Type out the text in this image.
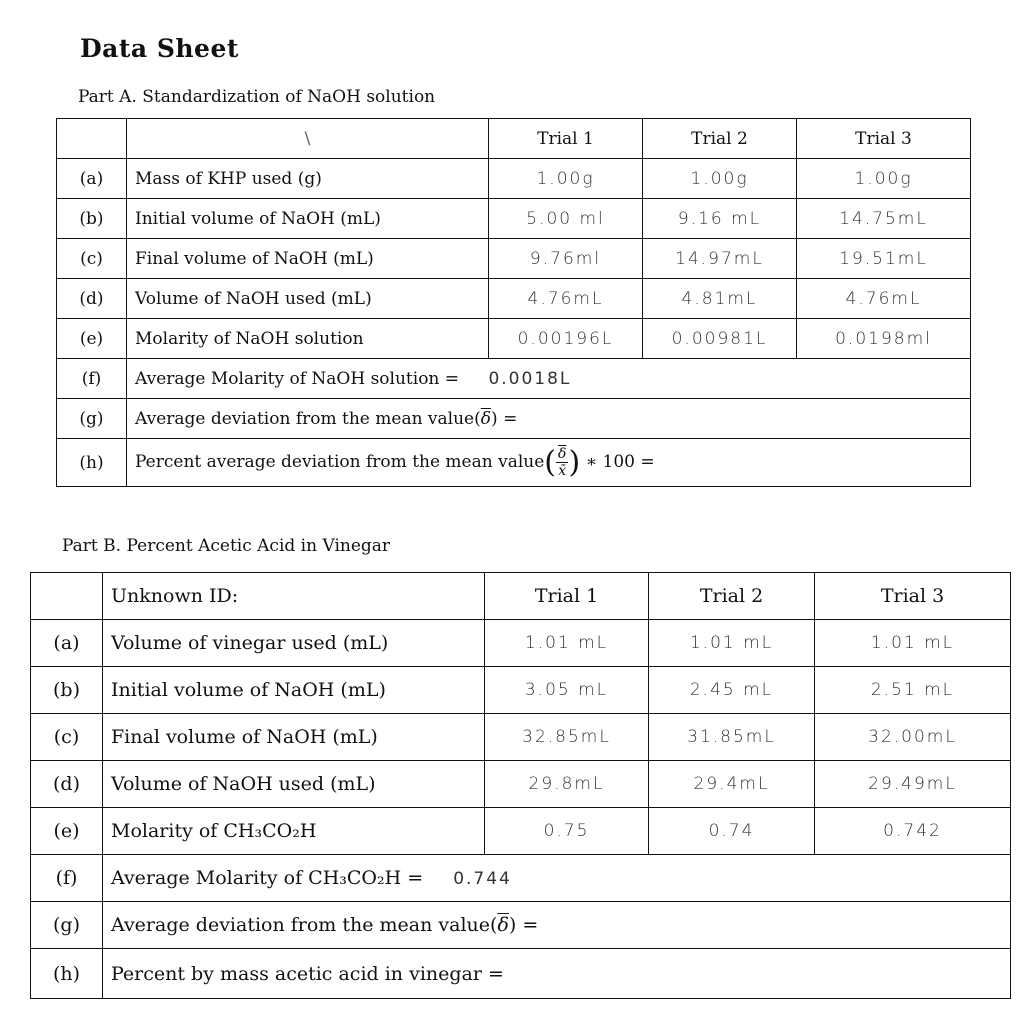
Data Sheet
Part A. Standardization of NaOH solution

	\	Trial 1	Trial 2	Trial 3
(a)	Mass of KHP used (g)	1.00g	1.00g	1.00g
(b)	Initial volume of NaOH (mL)	5.00 ml	9.16 mL	14.75mL
(c)	Final volume of NaOH (mL)	9.76ml	14.97mL	19.51mL
(d)	Volume of NaOH used (mL)	4.76mL	4.81mL	4.76mL
(e)	Molarity of NaOH solution	0.00196L	0.00981L	0.0198ml
(f)	Average Molarity of NaOH solution = 0.0018L			
(g)	Average deviation from the mean $value(\overline{\delta})$ =			
(h)	Percent average deviation from the mean value( $\frac{\overline{\delta}}{x̄}$ ) ∗ 100 =			
Part B. Percent Acetic Acid in Vinegar
	Unknown ID:	Trial 1	Trial 2	Trial 3
(a)	Volume of vinegar used (mL)	1.01 mL	1.01 mL	1.01 mL
(b)	Initial volume of NaOH (mL)	3.05 mL	2.45 mL	2.51 mL
(c)	Final volume of NaOH (mL)	32.85mL	31.85mL	32.00mL
(d)	Volume of NaOH used (mL)	29.8mL	29.4mL	29.49mL
(e)	Molarity of CH₃CO₂H	0.75	0.74	0.742
(f)	Average Molarity of CH₃CO₂H = 0.744			
(g)	Average deviation from the mean $value(\overline{\delta})$ =			
(h)	Percent by mass acetic acid in vinegar =			
